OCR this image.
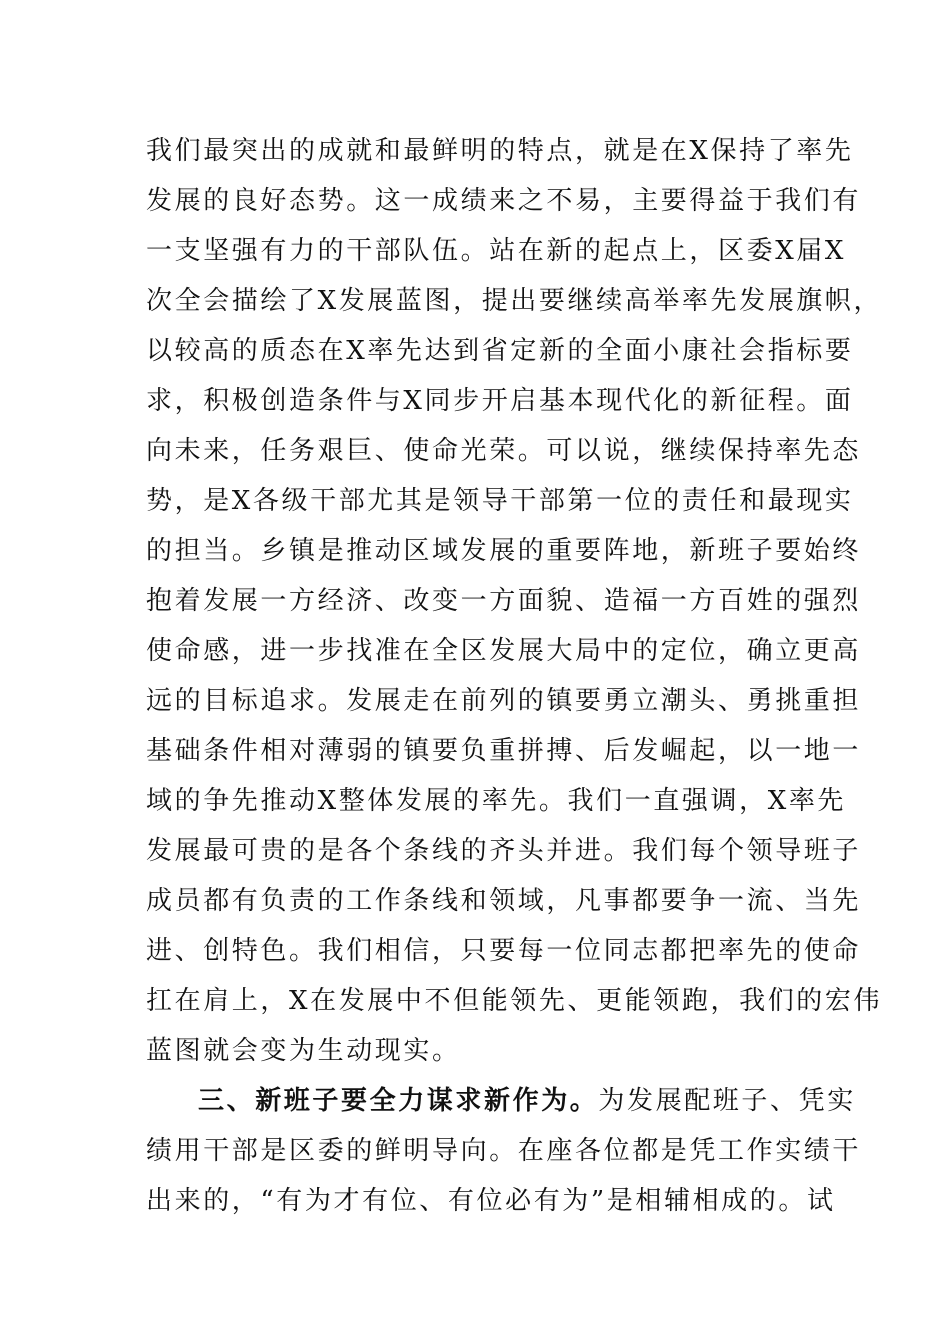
我们最突出的成就和最鲜明的特点，就是在X保持了率先
发展的良好态势。这一成绩来之不易，主要得益于我们有
一支坚强有力的干部队伍。站在新的起点上，区委X届X
次全会描绘了X发展蓝图，提出要继续高举率先发展旗帜，
以较高的质态在X率先达到省定新的全面小康社会指标要
求，积极创造条件与X同步开启基本现代化的新征程。面
向未来，任务艰巨、使命光荣。可以说，继续保持率先态
势，是X各级干部尤其是领导干部第一位的责任和最现实
的担当。乡镇是推动区域发展的重要阵地，新班子要始终
抱着发展一方经济、改变一方面貌、造福一方百姓的强烈
使命感，进一步找准在全区发展大局中的定位，确立更高
远的目标追求。发展走在前列的镇要勇立潮头、勇挑重担
基础条件相对薄弱的镇要负重拼搏、后发崛起，以一地一
域的争先推动X整体发展的率先。我们一直强调，X率先
发展最可贵的是各个条线的齐头并进。我们每个领导班子
成员都有负责的工作条线和领域，凡事都要争一流、当先
进、创特色。我们相信，只要每一位同志都把率先的使命
扛在肩上，X在发展中不但能领先、更能领跑，我们的宏伟
蓝图就会变为生动现实。
三、新班子要全力谋求新作为。为发展配班子、凭实
绩用干部是区委的鲜明导向。在座各位都是凭工作实绩干
出来的，“有为才有位、有位必有为”是相辅相成的。试
